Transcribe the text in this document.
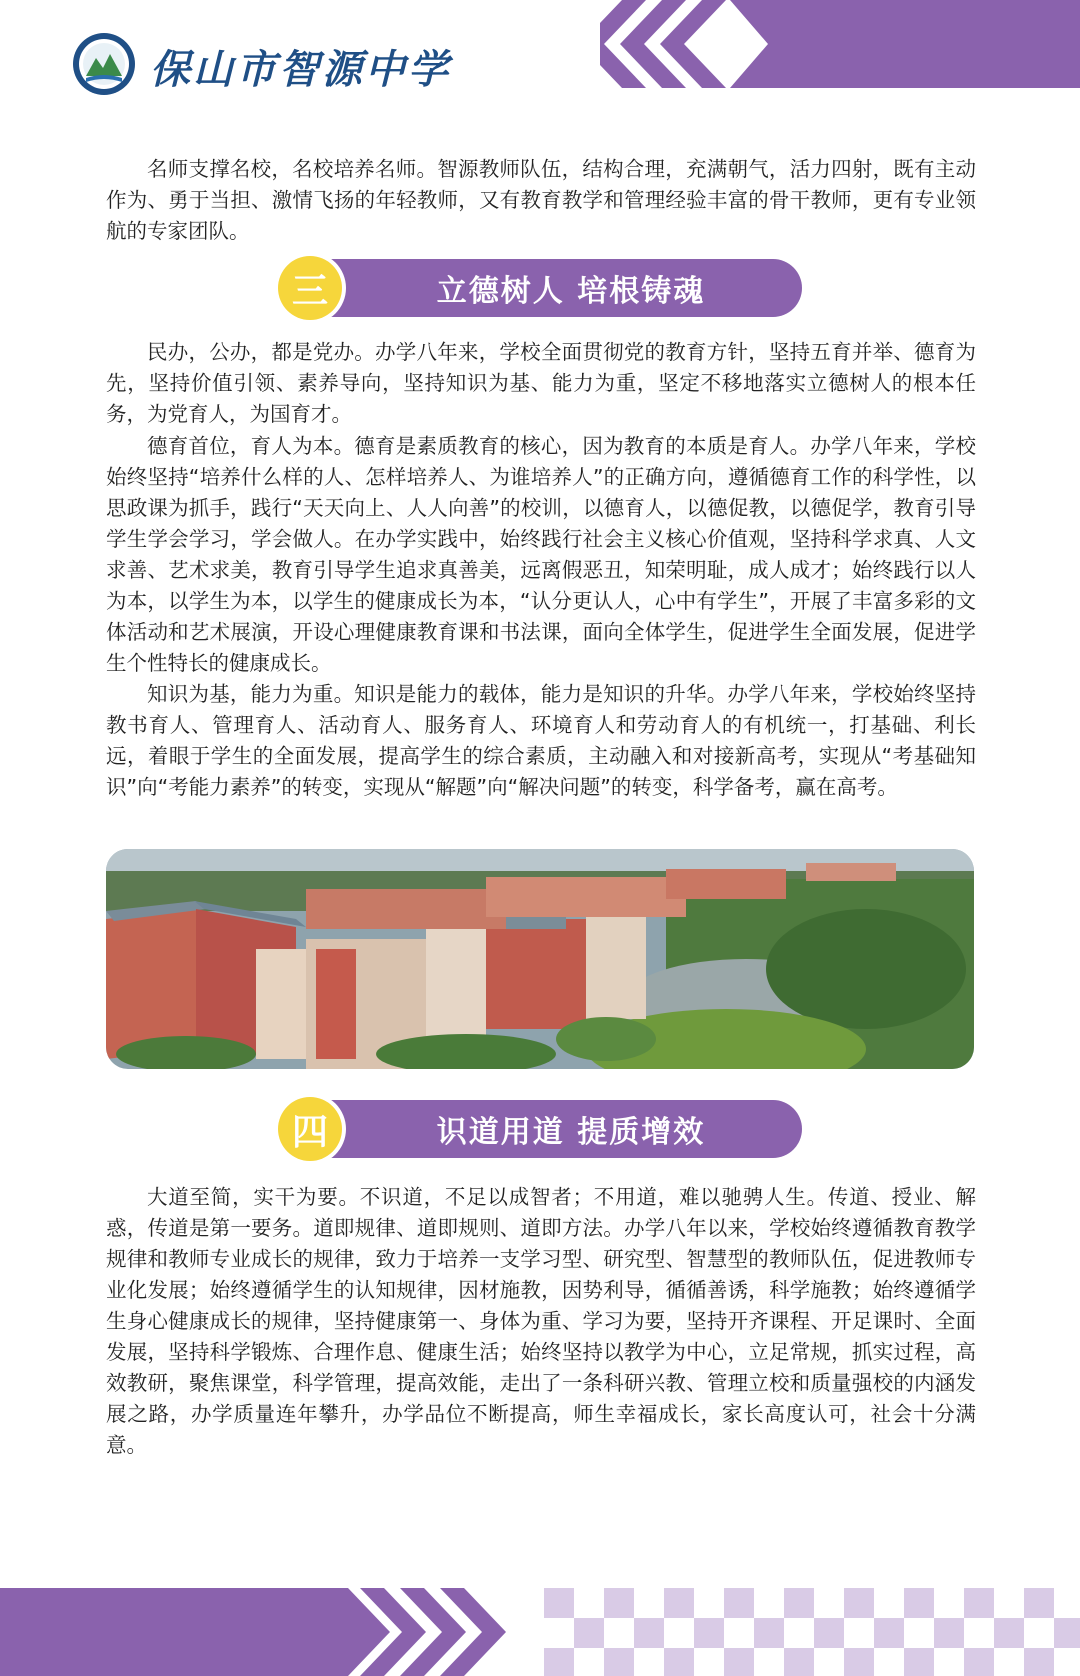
保山市智源中学

名师支撑名校，名校培养名师。智源教师队伍，结构合理，充满朝气，活力四射，既有主动作为、勇于当担、激情飞扬的年轻教师，又有教育教学和管理经验丰富的骨干教师，更有专业领航的专家团队。

三	立德树人 培根铸魂

民办，公办，都是党办。办学八年来，学校全面贯彻党的教育方针，坚持五育并举、德育为先，坚持价值引领、素养导向，坚持知识为基、能力为重，坚定不移地落实立德树人的根本任务，为党育人，为国育才。

德育首位，育人为本。德育是素质教育的核心，因为教育的本质是育人。办学八年来，学校始终坚持“培养什么样的人、怎样培养人、为谁培养人”的正确方向，遵循德育工作的科学性，以思政课为抓手，践行“天天向上、人人向善”的校训，以德育人，以德促教，以德促学，教育引导学生学会学习，学会做人。在办学实践中，始终践行社会主义核心价值观，坚持科学求真、人文求善、艺术求美，教育引导学生追求真善美，远离假恶丑，知荣明耻，成人成才；始终践行以人为本，以学生为本，以学生的健康成长为本，“认分更认人，心中有学生”，开展了丰富多彩的文体活动和艺术展演，开设心理健康教育课和书法课，面向全体学生，促进学生全面发展，促进学生个性特长的健康成长。

知识为基，能力为重。知识是能力的载体，能力是知识的升华。办学八年来，学校始终坚持教书育人、管理育人、活动育人、服务育人、环境育人和劳动育人的有机统一，打基础、利长远，着眼于学生的全面发展，提高学生的综合素质，主动融入和对接新高考，实现从“考基础知识”向“考能力素养”的转变，实现从“解题”向“解决问题”的转变，科学备考，赢在高考。

四	识道用道 提质增效

大道至简，实干为要。不识道，不足以成智者；不用道，难以驰骋人生。传道、授业、解惑，传道是第一要务。道即规律、道即规则、道即方法。办学八年以来，学校始终遵循教育教学规律和教师专业成长的规律，致力于培养一支学习型、研究型、智慧型的教师队伍，促进教师专业化发展；始终遵循学生的认知规律，因材施教，因势利导，循循善诱，科学施教；始终遵循学生身心健康成长的规律，坚持健康第一、身体为重、学习为要，坚持开齐课程、开足课时、全面发展，坚持科学锻炼、合理作息、健康生活；始终坚持以教学为中心，立足常规，抓实过程，高效教研，聚焦课堂，科学管理，提高效能，走出了一条科研兴教、管理立校和质量强校的内涵发展之路，办学质量连年攀升，办学品位不断提高，师生幸福成长，家长高度认可，社会十分满意。
